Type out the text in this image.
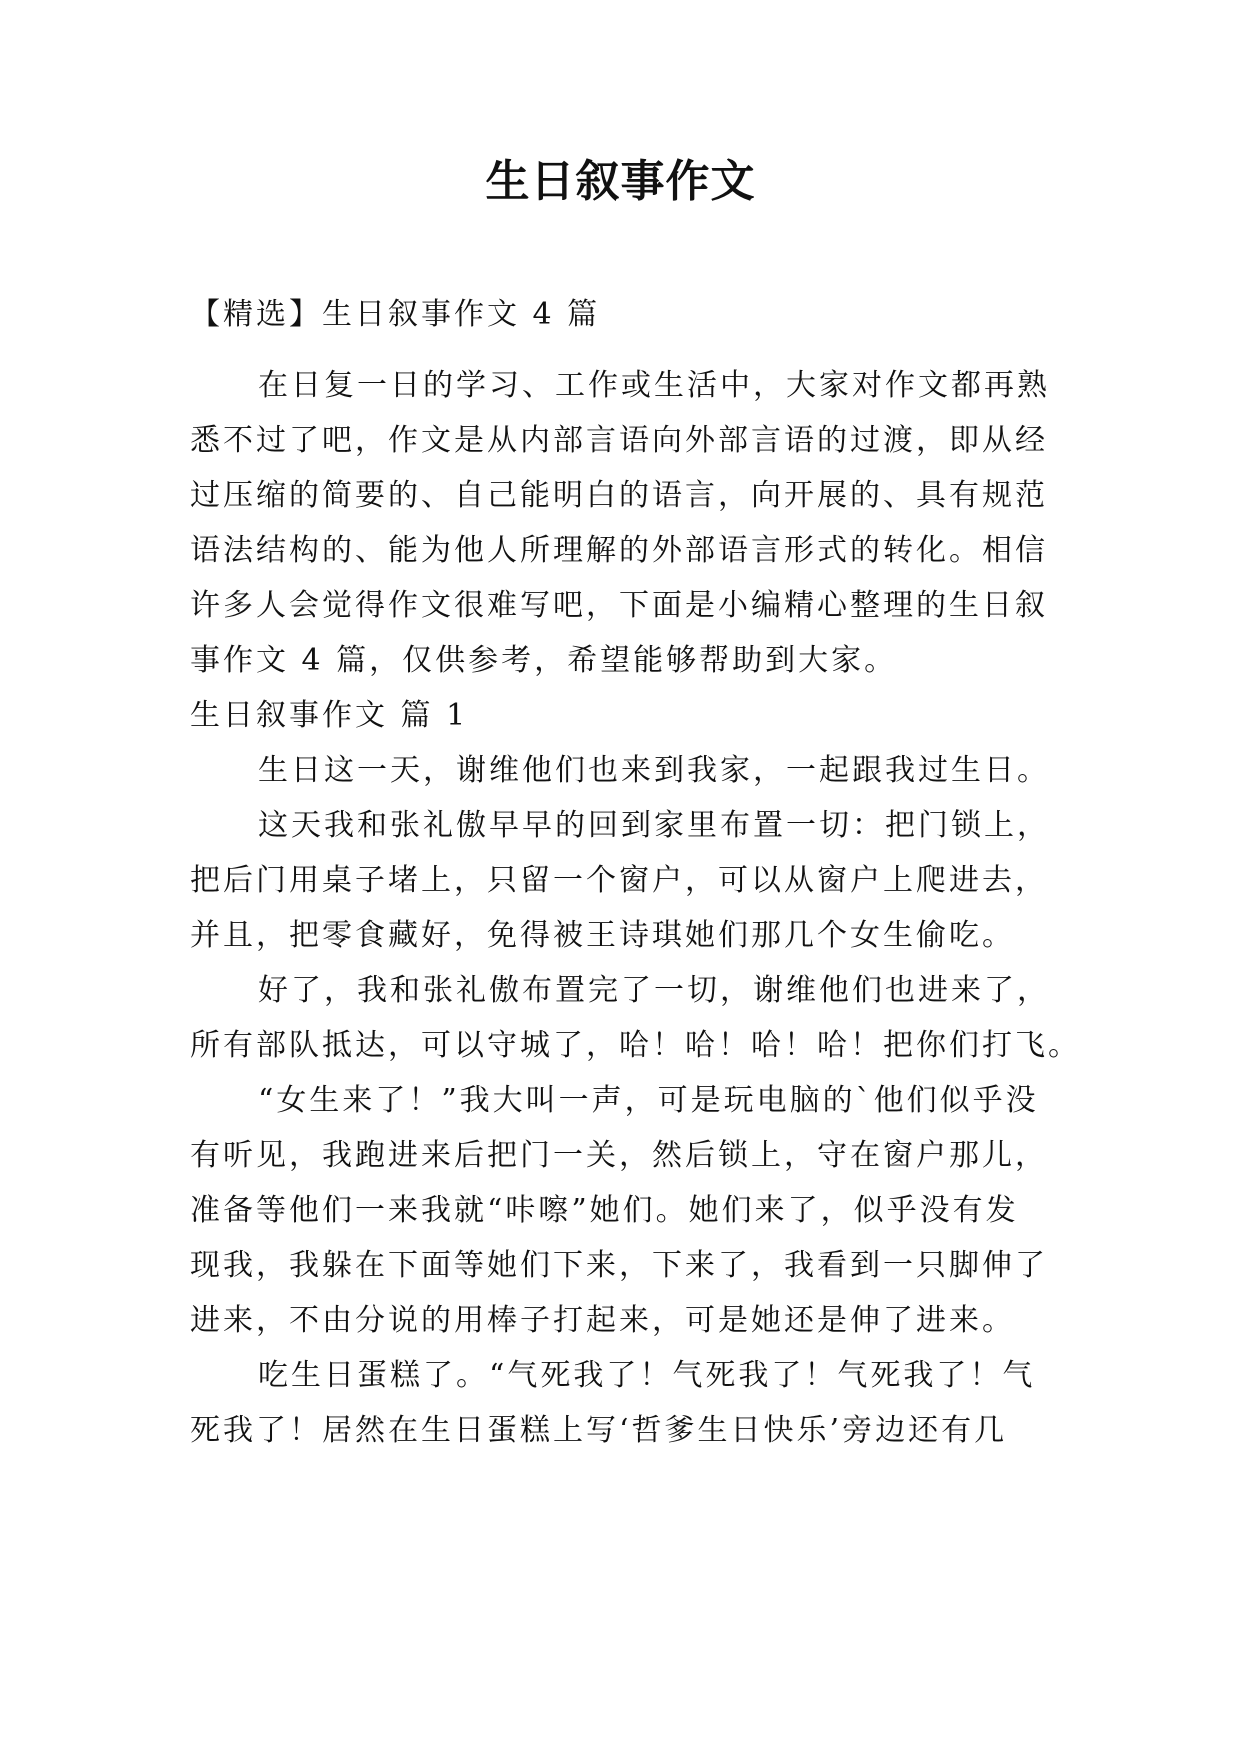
生日叙事作文

【精选】生日叙事作文 4 篇

在日复一日的学习、工作或生活中，大家对作文都再熟

悉不过了吧，作文是从内部言语向外部言语的过渡，即从经

过压缩的简要的、自己能明白的语言，向开展的、具有规范

语法结构的、能为他人所理解的外部语言形式的转化。相信

许多人会觉得作文很难写吧，下面是小编精心整理的生日叙

事作文 4 篇，仅供参考，希望能够帮助到大家。

生日叙事作文 篇 1

生日这一天，谢维他们也来到我家，一起跟我过生日。

这天我和张礼傲早早的回到家里布置一切：把门锁上，

把后门用桌子堵上，只留一个窗户，可以从窗户上爬进去，

并且，把零食藏好，免得被王诗琪她们那几个女生偷吃。

好了，我和张礼傲布置完了一切，谢维他们也进来了，

所有部队抵达，可以守城了，哈！哈！哈！哈！把你们打飞。

“女生来了！”我大叫一声，可是玩电脑的`他们似乎没

有听见，我跑进来后把门一关，然后锁上，守在窗户那儿，

准备等他们一来我就“咔嚓”她们。她们来了，似乎没有发

现我，我躲在下面等她们下来，下来了，我看到一只脚伸了

进来，不由分说的用棒子打起来，可是她还是伸了进来。

吃生日蛋糕了。“气死我了！气死我了！气死我了！气

死我了！居然在生日蛋糕上写‘哲爹生日快乐’旁边还有几
